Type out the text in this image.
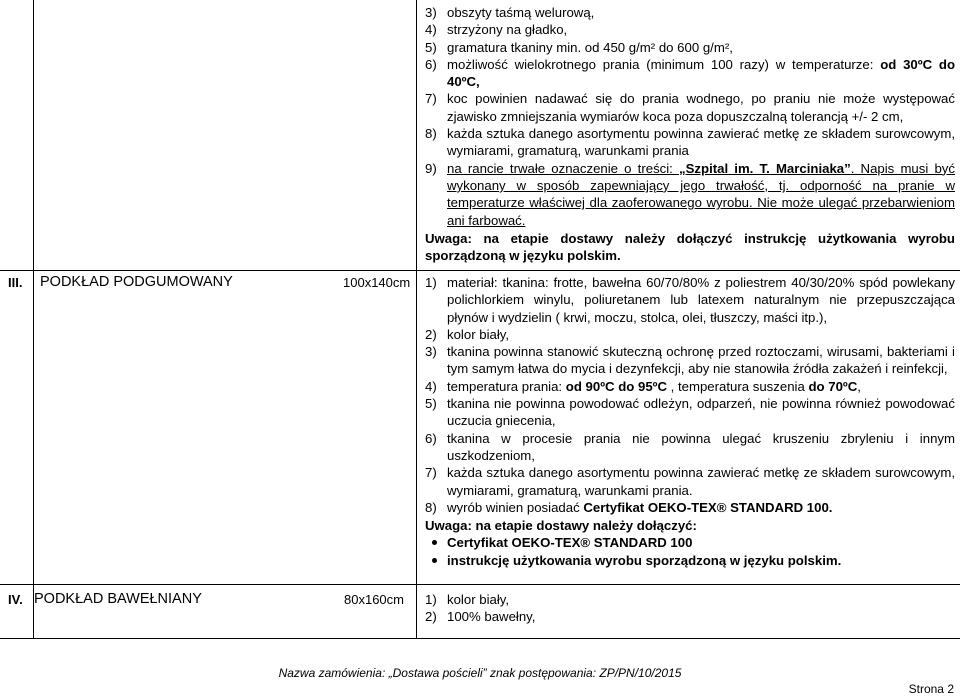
3) obszyty taśmą welurową,
4) strzyżony na gładko,
5) gramatura tkaniny min. od 450 g/m² do 600 g/m²,
6) możliwość wielokrotnego prania (minimum 100 razy) w temperaturze: od 30ºC do 40ºC,
7) koc powinien nadawać się do prania wodnego, po praniu nie może występować zjawisko zmniejszania wymiarów koca poza dopuszczalną tolerancją +/- 2 cm,
8) każda sztuka danego asortymentu powinna zawierać metkę ze składem surowcowym, wymiarami, gramaturą, warunkami prania
9) na rancie trwałe oznaczenie o treści: „Szpital im. T. Marciniaka”. Napis musi być wykonany w sposób zapewniający jego trwałość, tj. odporność na pranie w temperaturze właściwej dla zaoferowanego wyrobu. Nie może ulegać przebarwieniom ani farbować.
Uwaga: na etapie dostawy należy dołączyć instrukcję użytkowania wyrobu sporządzoną w języku polskim.
III. PODKŁAD PODGUMOWANY	100x140cm 1) materiał: tkanina: frotte, bawełna 60/70/80% z poliestrem 40/30/20% spód powlekany polichlorkiem winylu, poliuretanem lub latexem naturalnym nie przepuszczająca płynów i wydzielin ( krwi, moczu, stolca, olei, tłuszczy, maści itp.),
2) kolor biały,
3) tkanina powinna stanowić skuteczną ochronę przed roztoczami, wirusami, bakteriami i tym samym łatwa do mycia i dezynfekcji, aby nie stanowiła źródła zakażeń i reinfekcji,
4) temperatura prania: od 90ºC do 95ºC , temperatura suszenia do 70ºC,
5) tkanina nie powinna powodować odleżyn, odparzeń, nie powinna również powodować uczucia gniecenia,
6) tkanina w procesie prania nie powinna ulegać kruszeniu zbryleniu i innym uszkodzeniom,
7) każda sztuka danego asortymentu powinna zawierać metkę ze składem surowcowym, wymiarami, gramaturą, warunkami prania.
8) wyrób winien posiadać Certyfikat OEKO-TEX® STANDARD 100.
Uwaga: na etapie dostawy należy dołączyć:
Certyfikat OEKO-TEX® STANDARD 100
instrukcję użytkowania wyrobu sporządzoną w języku polskim.
IV. PODKŁAD BAWEŁNIANY	80x160cm 1) kolor biały,
2) 100% bawełny,
Nazwa zamówienia: „Dostawa pościeli” znak postępowania: ZP/PN/10/2015
Strona 2
